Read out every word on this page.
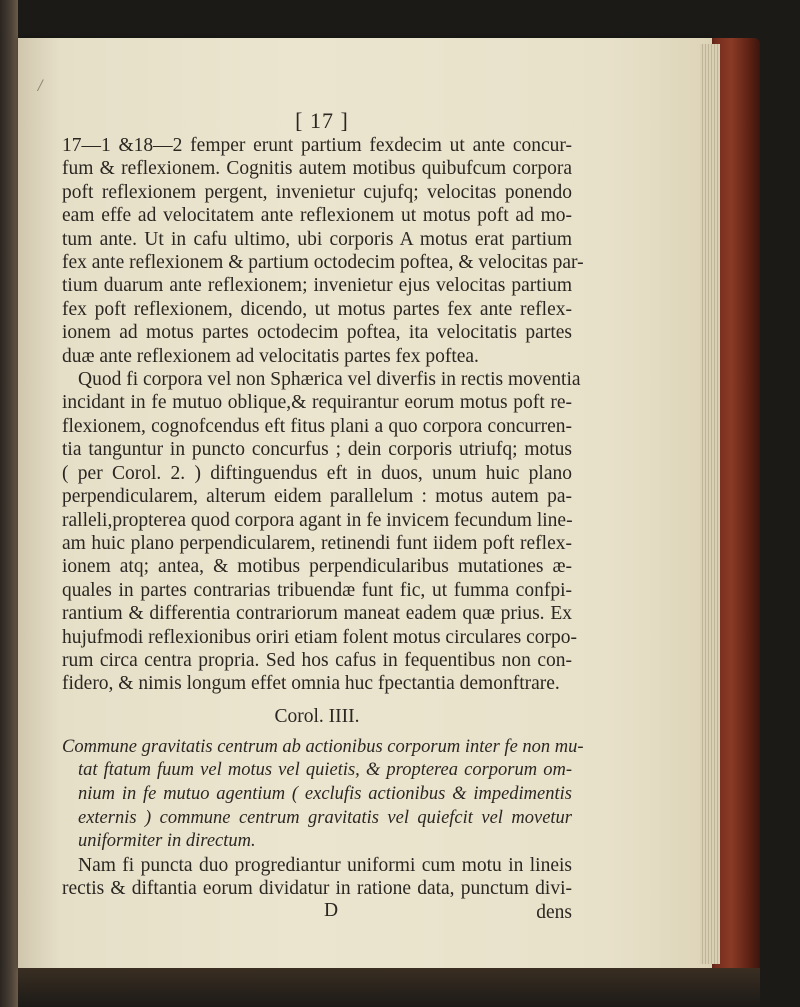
/
[ 17 ]
17—1 &18—2 femper erunt partium fexdecim ut ante concur-
fum & reflexionem. Cognitis autem motibus quibufcum corpora
poft reflexionem pergent, invenietur cujufq; velocitas ponendo
eam effe ad velocitatem ante reflexionem ut motus poft ad mo-
tum ante. Ut in cafu ultimo, ubi corporis A motus erat partium
fex ante reflexionem & partium octodecim poftea, & velocitas par-
tium duarum ante reflexionem; invenietur ejus velocitas partium
fex poft reflexionem, dicendo, ut motus partes fex ante reflex-
ionem ad motus partes octodecim poftea, ita velocitatis partes
duæ ante reflexionem ad velocitatis partes fex poftea.
Quod fi corpora vel non Sphærica vel diverfis in rectis moventia
incidant in fe mutuo oblique,& requirantur eorum motus poft re-
flexionem, cognofcendus eft fitus plani a quo corpora concurren-
tia tanguntur in puncto concurfus ; dein corporis utriufq; motus
( per Corol. 2. ) diftinguendus eft in duos, unum huic plano
perpendicularem, alterum eidem parallelum : motus autem pa-
ralleli,propterea quod corpora agant in fe invicem fecundum line-
am huic plano perpendicularem, retinendi funt iidem poft reflex-
ionem atq; antea, & motibus perpendicularibus mutationes æ-
quales in partes contrarias tribuendæ funt fic, ut fumma confpi-
rantium & differentia contrariorum maneat eadem quæ prius. Ex
hujufmodi reflexionibus oriri etiam folent motus circulares corpo-
rum circa centra propria. Sed hos cafus in fequentibus non con-
fidero, & nimis longum effet omnia huc fpectantia demonftrare.
Corol. IIII.
Commune gravitatis centrum ab actionibus corporum inter fe non mu-
tat ftatum fuum vel motus vel quietis, & propterea corporum om-
nium in fe mutuo agentium ( exclufis actionibus & impedimentis
externis ) commune centrum gravitatis vel quiefcit vel movetur
uniformiter in directum.
Nam fi puncta duo progrediantur uniformi cum motu in lineis
rectis & diftantia eorum dividatur in ratione data, punctum divi-
D	dens
